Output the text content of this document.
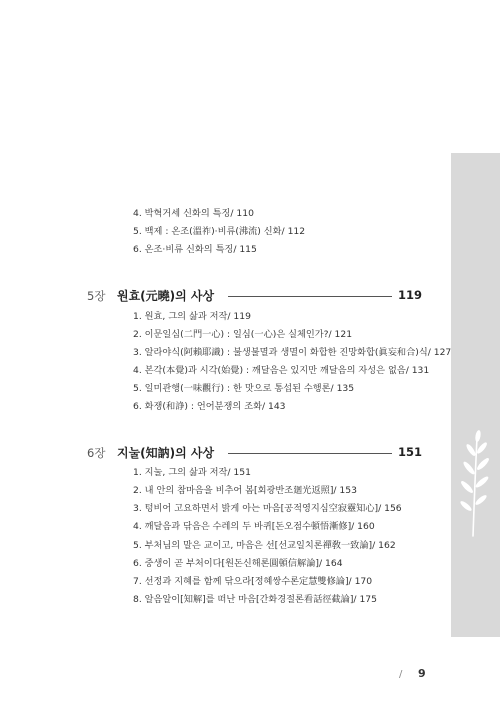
4. 박혁거세 신화의 특징/ 110
5. 백제 : 온조(溫祚)·비류(沸流) 신화/ 112
6. 온조·비류 신화의 특징/ 115
5장 원효(元曉)의 사상	119
1. 원효, 그의 삶과 저작/ 119
2. 이문일심(二門一心) : 일심(一心)은 실체인가?/ 121
3. 알라야식(阿賴耶識) : 불생불멸과 생멸이 화합한 진망화합(眞妄和合)식/ 127
4. 본각(本覺)과 시각(始覺) : 깨달음은 있지만 깨달음의 자성은 없음/ 131
5. 일미관행(一味觀行) : 한 맛으로 통섭된 수행론/ 135
6. 화쟁(和諍) : 언어분쟁의 조화/ 143
6장 지눌(知訥)의 사상	151
1. 지눌, 그의 삶과 저작/ 151
2. 내 안의 참마음을 비추어 봄[회광반조廻光返照]/ 153
3. 텅비어 고요하면서 밝게 아는 마음[공적영지심空寂靈知心]/ 156
4. 깨달음과 닦음은 수레의 두 바퀴[돈오점수頓悟漸修]/ 160
5. 부처님의 말은 교이고, 마음은 선[선교일치론禪敎一致論]/ 162
6. 중생이 곧 부처이다[원돈신해론圓頓信解論]/ 164
7. 선정과 지혜를 함께 닦으라[정혜쌍수론定慧雙修論]/ 170
8. 알음알이[知解]를 떠난 마음[간화경절론看話徑截論]/ 175
/ 9
